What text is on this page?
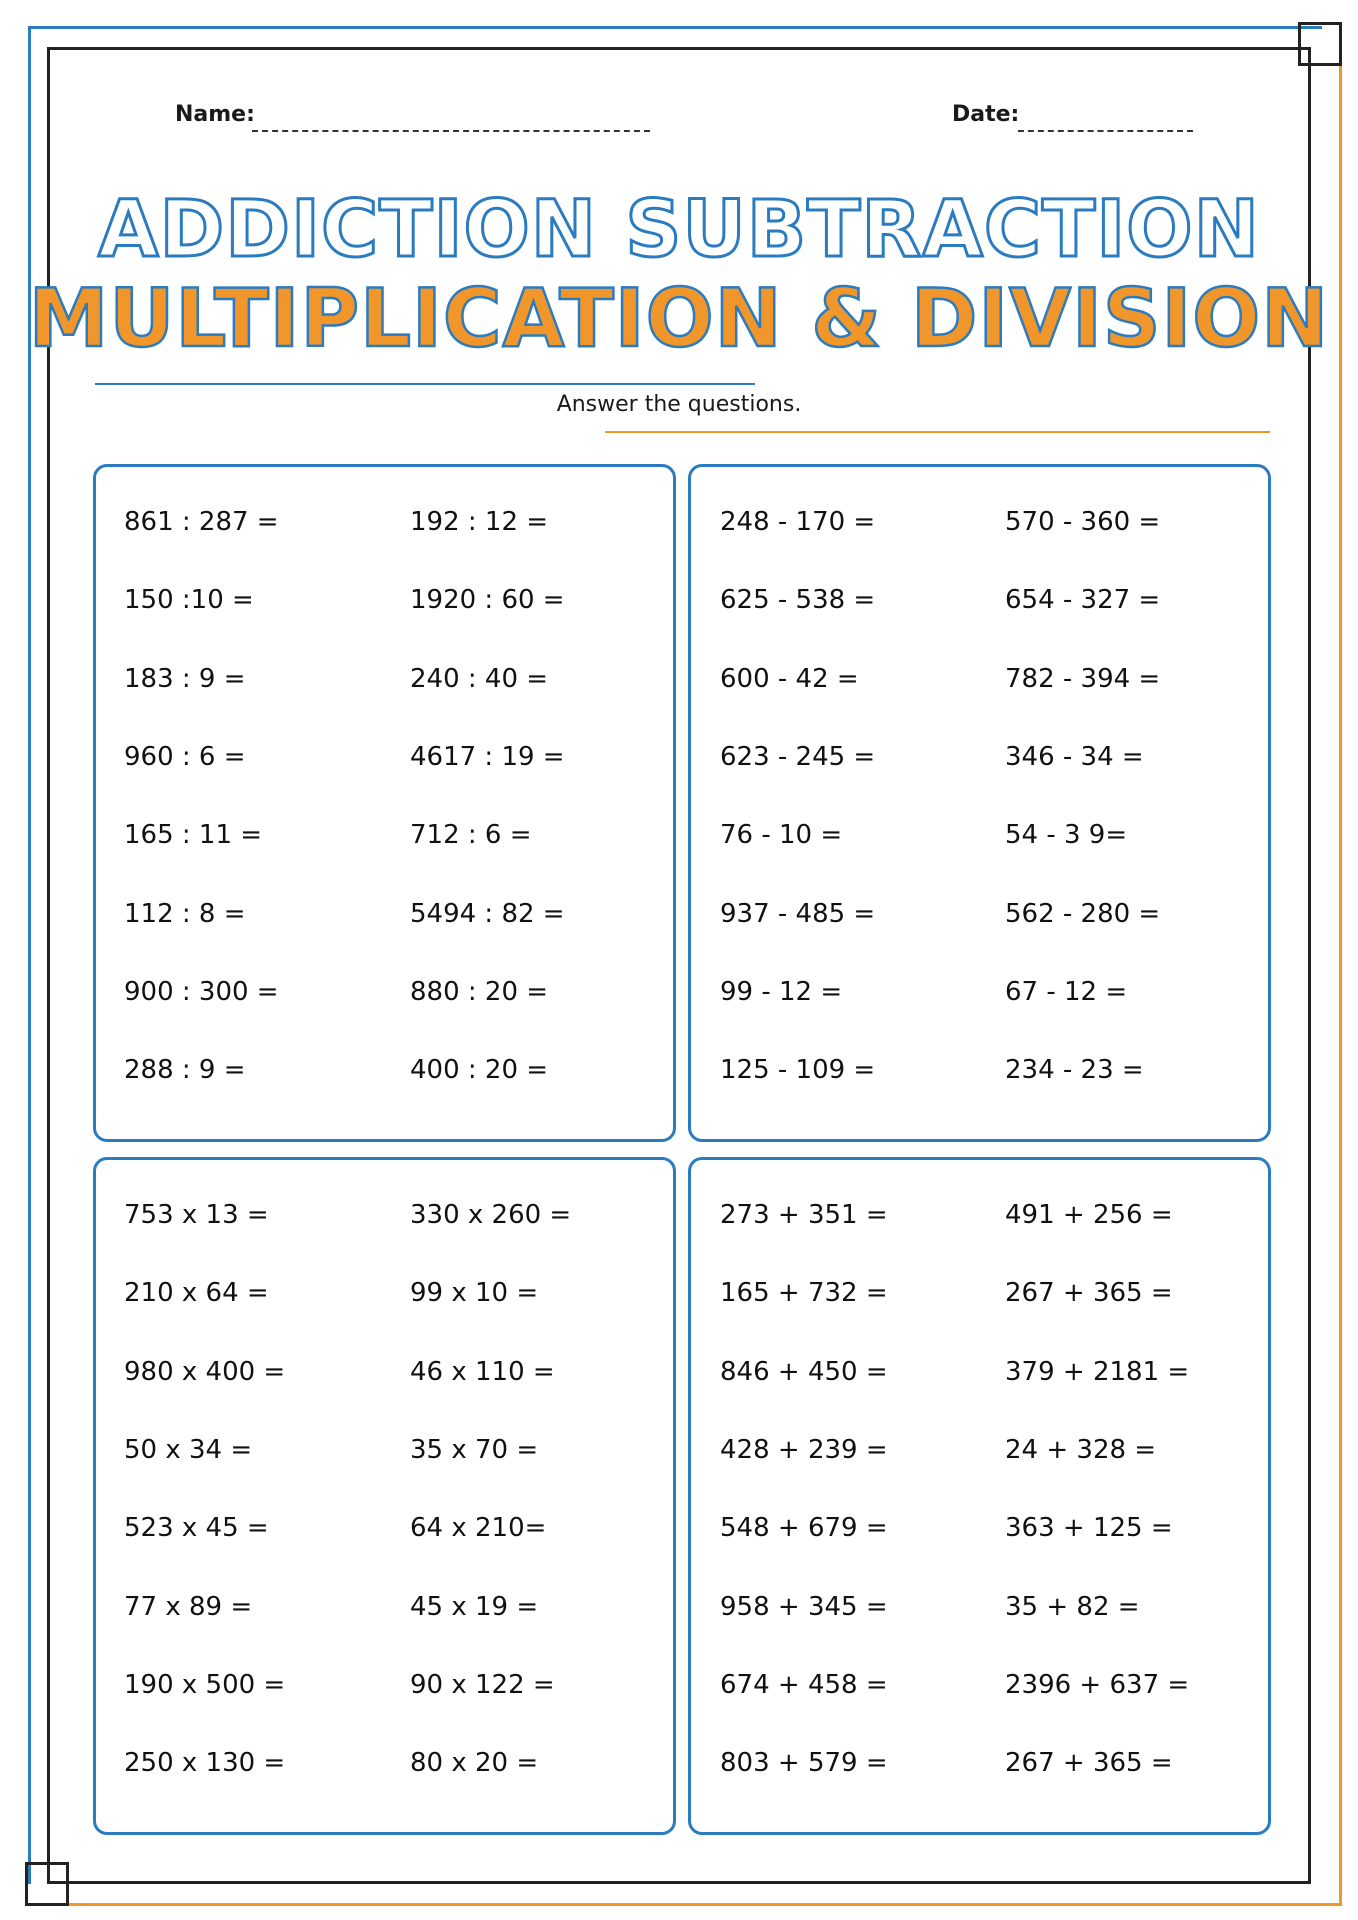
Name:	Date:
ADDICTION SUBTRACTION
MULTIPLICATION & DIVISION
Answer the questions.
861 : 287 =
150 :10 =
183 : 9 =
960 : 6 =
165 : 11 =
112 : 8 =
900 : 300 =
288 : 9 =
192 : 12 =
1920 : 60 =
240 : 40 =
4617 : 19 =
712 : 6 =
5494 : 82 =
880 : 20 =
400 : 20 =
248 - 170 =
625 - 538 =
600 - 42 =
623 - 245 =
76 - 10 =
937 - 485 =
99 - 12 =
125 - 109 =
570 - 360 =
654 - 327 =
782 - 394 =
346 - 34 =
54 - 3 9=
562 - 280 =
67 - 12 =
234 - 23 =
753 x 13 =
210 x 64 =
980 x 400 =
50 x 34 =
523 x 45 =
77 x 89 =
190 x 500 =
250 x 130 =
330 x 260 =
99 x 10 =
46 x 110 =
35 x 70 =
64 x 210=
45 x 19 =
90 x 122 =
80 x 20 =
273 + 351 =
165 + 732 =
846 + 450 =
428 + 239 =
548 + 679 =
958 + 345 =
674 + 458 =
803 + 579 =
491 + 256 =
267 + 365 =
379 + 2181 =
24 + 328 =
363 + 125 =
35 + 82 =
2396 + 637 =
267 + 365 =
